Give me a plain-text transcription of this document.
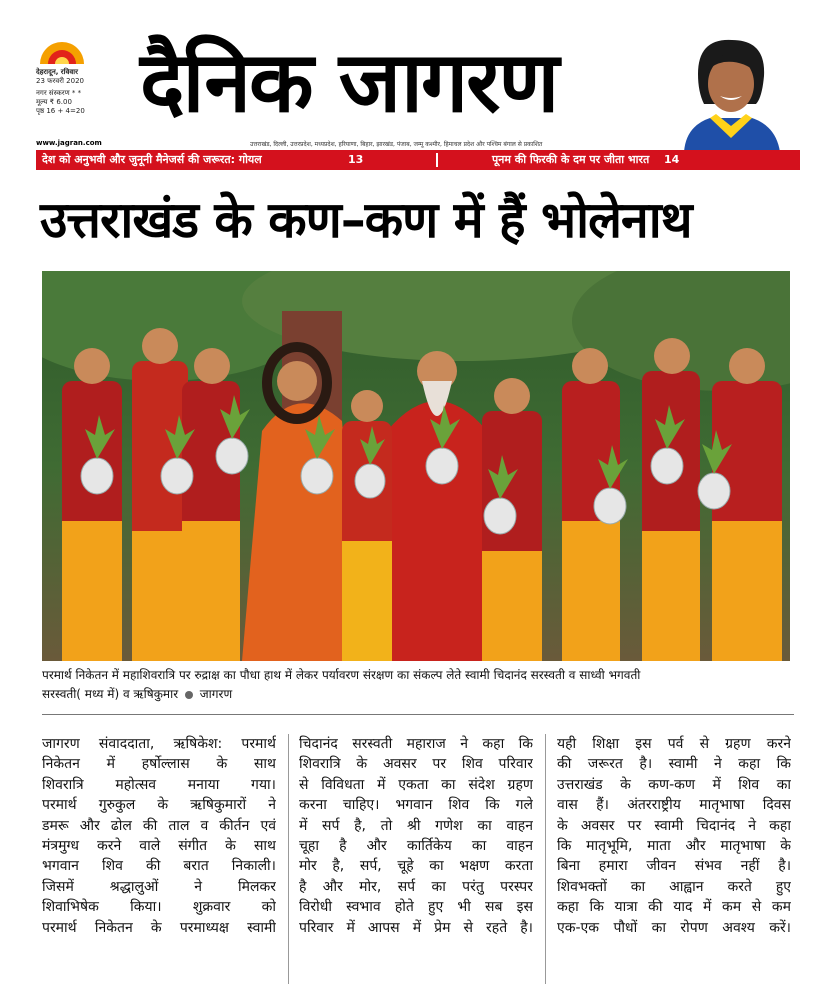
देहरादून, रविवार
23 फरवरी 2020
नगर संस्करण * *
मूल्य ₹ 6.00
पृष्ठ 16 + 4=20 दैनिक जागरण
www.jagran.com	उत्तराखंड, दिल्ली, उत्तरप्रदेश, मध्यप्रदेश, हरियाणा, बिहार, झारखंड, पंजाब, जम्मू कश्मीर, हिमाचल प्रदेश और पश्चिम बंगाल से प्रकाशित
देश को अनुभवी और जुनूनी मैनेजर्स की जरूरत: गोयल	13	पूनम की फिरकी के दम पर जीता भारत 14
उत्तराखंड के कण–कण में हैं भोलेनाथ
परमार्थ निकेतन में महाशिवरात्रि पर रुद्राक्ष का पौधा हाथ में लेकर पर्यावरण संरक्षण का संकल्प लेते स्वामी चिदानंद सरस्वती व साध्वी भगवती
सरस्वती( मध्य में) व ऋषिकुमार जागरण
जागरण संवाददाता, ऋषिकेश: परमार्थ
निकेतन में हर्षोल्लास के साथ
शिवरात्रि महोत्सव मनाया गया।
परमार्थ गुरुकुल के ऋषिकुमारों ने
डमरू और ढोल की ताल व कीर्तन एवं
मंत्रमुग्ध करने वाले संगीत के साथ
भगवान शिव की बरात निकाली।
जिसमें श्रद्धालुओं ने मिलकर
शिवाभिषेक किया। शुक्रवार को
परमार्थ निकेतन के परमाध्यक्ष स्वामी
चिदानंद सरस्वती महाराज ने कहा कि
शिवरात्रि के अवसर पर शिव परिवार
से विविधता में एकता का संदेश ग्रहण
करना चाहिए। भगवान शिव कि गले
में सर्प है, तो श्री गणेश का वाहन
चूहा है और कार्तिकेय का वाहन
मोर है, सर्प, चूहे का भक्षण करता
है और मोर, सर्प का परंतु परस्पर
विरोधी स्वभाव होते हुए भी सब इस
परिवार में आपस में प्रेम से रहते है।
यही शिक्षा इस पर्व से ग्रहण करने
की जरूरत है। स्वामी ने कहा कि
उत्तराखंड के कण-कण में शिव का
वास हैं। अंतरराष्ट्रीय मातृभाषा दिवस
के अवसर पर स्वामी चिदानंद ने कहा
कि मातृभूमि, माता और मातृभाषा के
बिना हमारा जीवन संभव नहीं है।
शिवभक्तों का आह्वान करते हुए
कहा कि यात्रा की याद में कम से कम
एक-एक पौधों का रोपण अवश्य करें।
